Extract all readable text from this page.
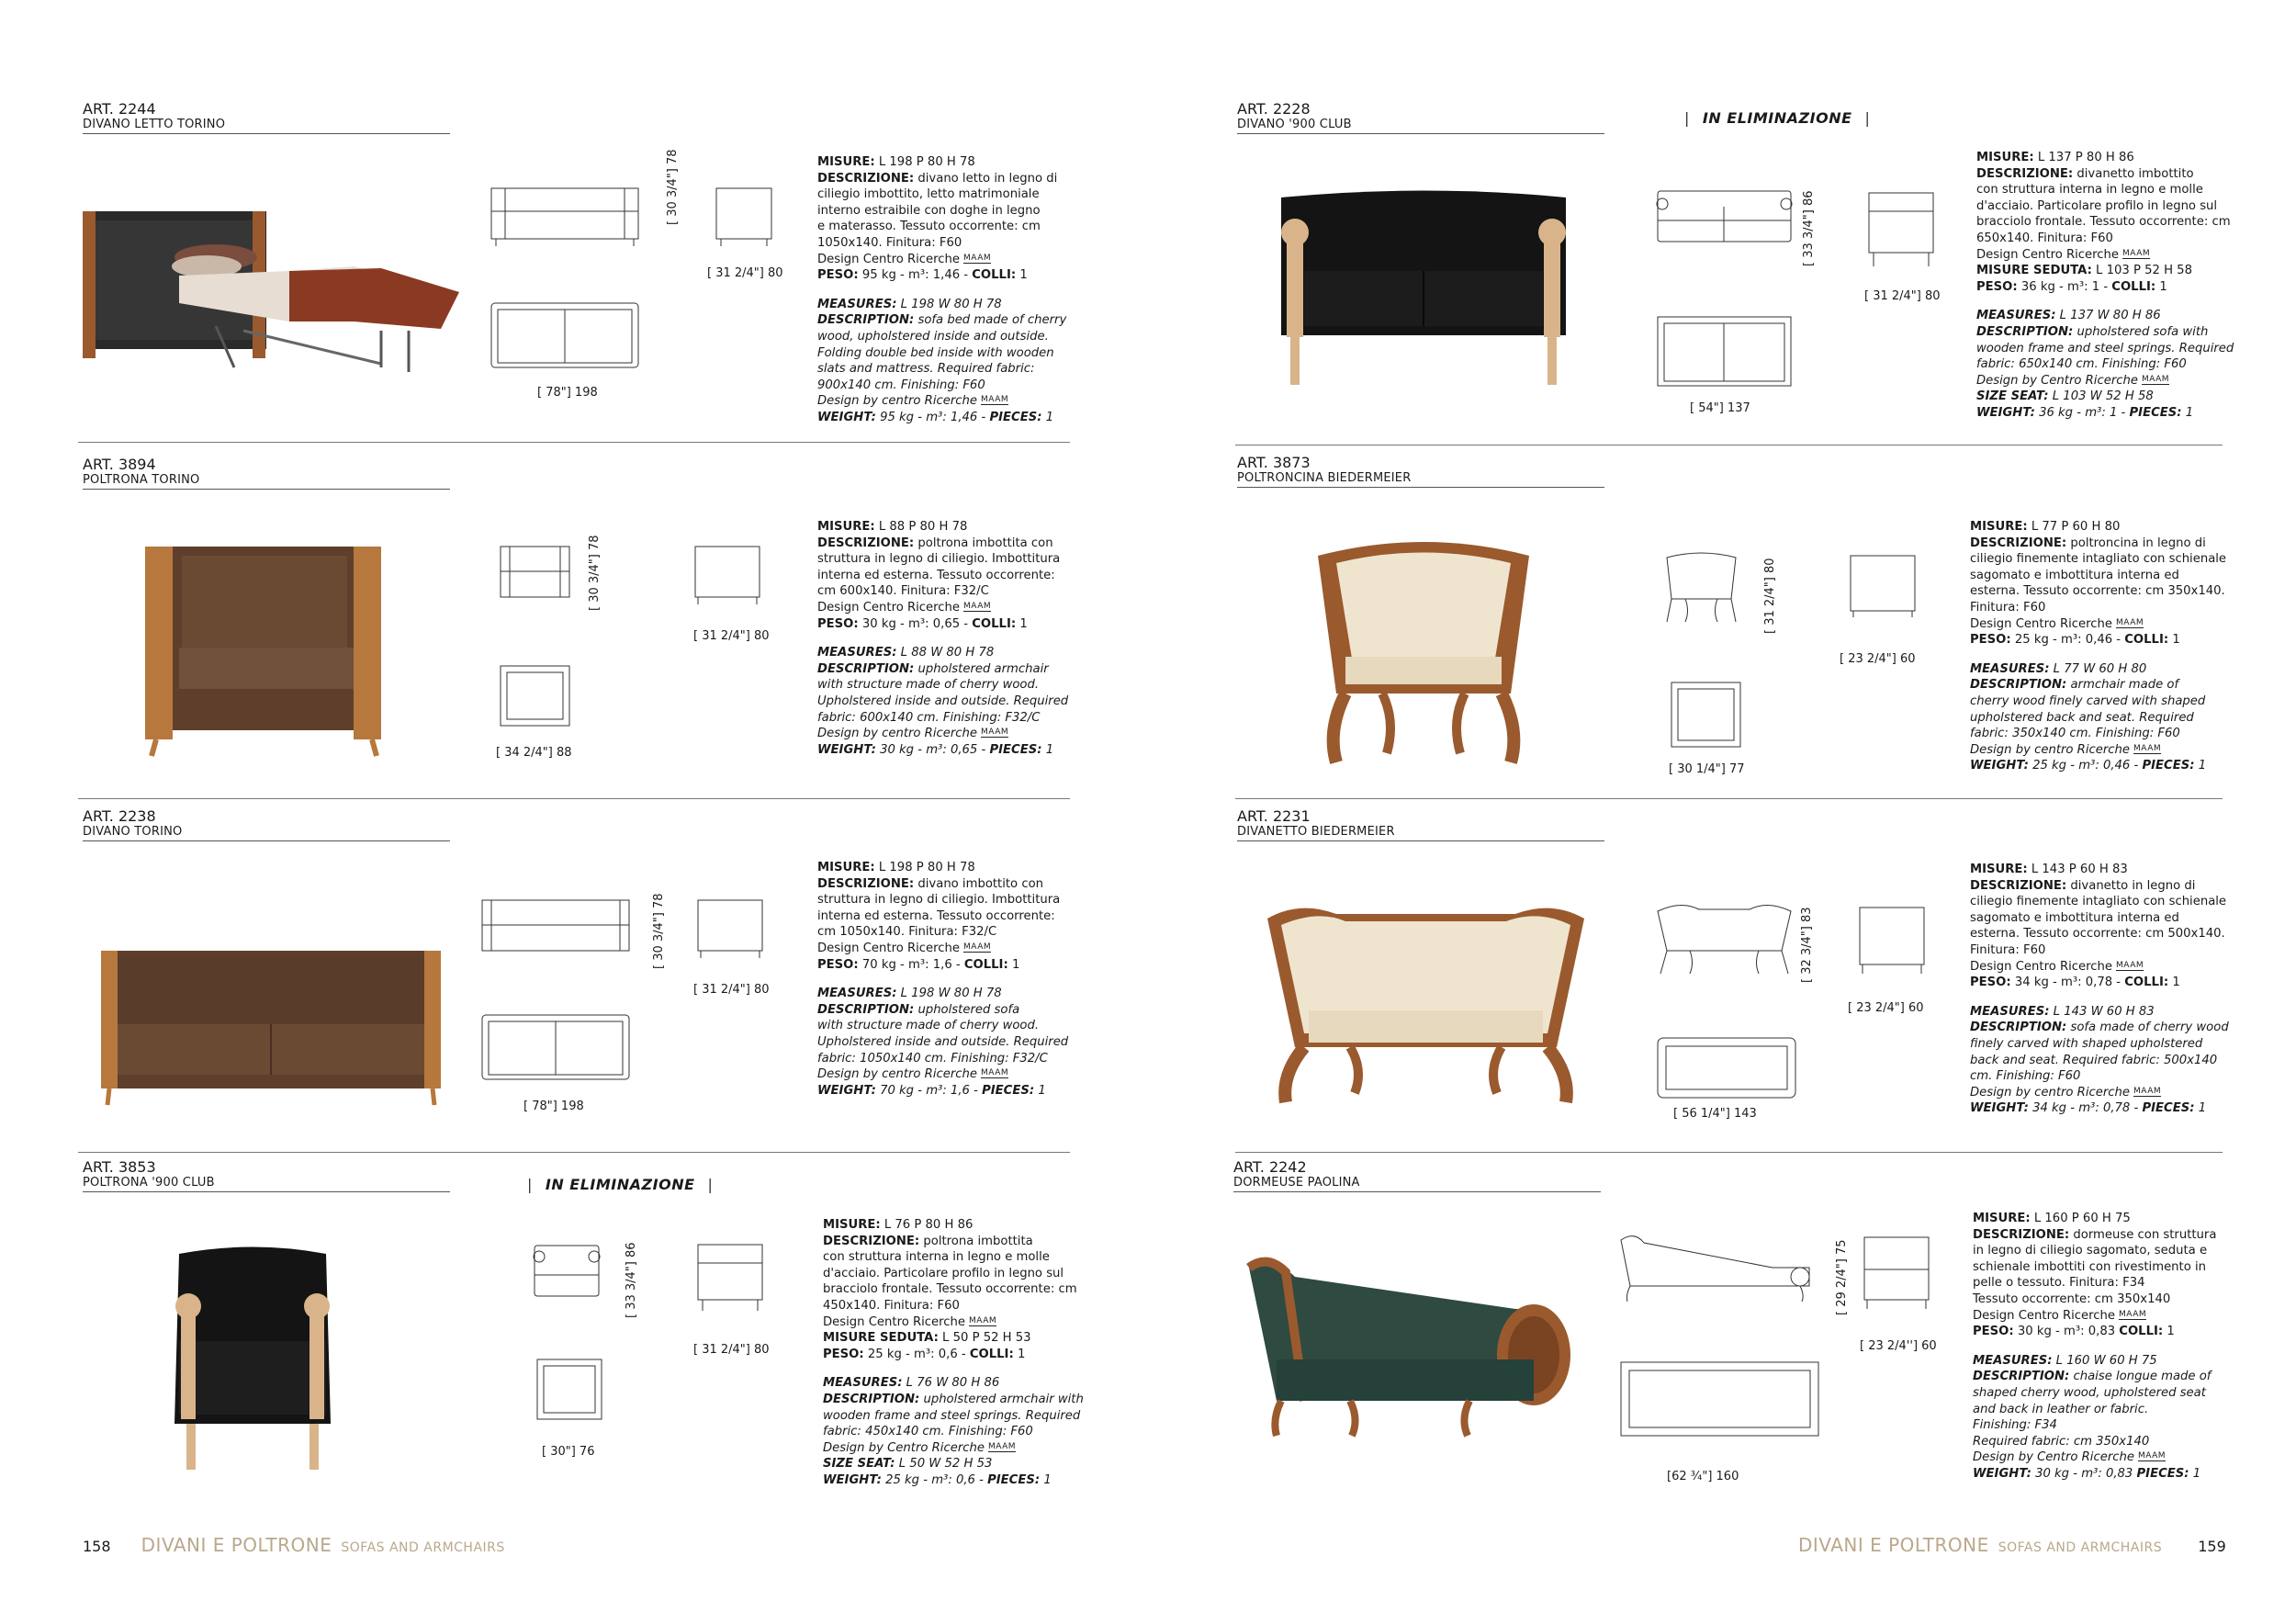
ART. 2244
DIVANO LETTO TORINO
[ 30 3/4"] 78
[ 31 2/4"] 80
[ 78"] 198
ART. 3894
POLTRONA TORINO
[ 30 3/4"] 78
[ 31 2/4"] 80
[ 34 2/4"] 88
ART. 2238
DIVANO TORINO
[ 30 3/4"] 78
[ 31 2/4"] 80
[ 78"] 198
ART. 3853
POLTRONA '900 CLUB	| IN ELIMINAZIONE |
[ 33 3/4"] 86
[ 31 2/4"] 80
[ 30"] 76
158 DIVANI E POLTRONE SOFAS AND ARMCHAIRS
MISURE: L 198 P 80 H 78
DESCRIZIONE: divano letto in legno di
ciliegio imbottito, letto matrimoniale
interno estraibile con doghe in legno
e materasso. Tessuto occorrente: cm
1050x140. Finitura: F60
Design Centro Ricerche MAAM
PESO: 95 kg - m³: 1,46 - COLLI: 1
MEASURES: L 198 W 80 H 78
DESCRIPTION: sofa bed made of cherry
wood, upholstered inside and outside.
Folding double bed inside with wooden
slats and mattress. Required fabric:
900x140 cm. Finishing: F60
Design by centro Ricerche MAAM
WEIGHT: 95 kg - m³: 1,46 - PIECES: 1
MISURE: L 88 P 80 H 78
DESCRIZIONE: poltrona imbottita con
struttura in legno di ciliegio. Imbottitura
interna ed esterna. Tessuto occorrente:
cm 600x140. Finitura: F32/C
Design Centro Ricerche MAAM
PESO: 30 kg - m³: 0,65 - COLLI: 1
MEASURES: L 88 W 80 H 78
DESCRIPTION: upholstered armchair
with structure made of cherry wood.
Upholstered inside and outside. Required
fabric: 600x140 cm. Finishing: F32/C
Design by centro Ricerche MAAM
WEIGHT: 30 kg - m³: 0,65 - PIECES: 1
MISURE: L 198 P 80 H 78
DESCRIZIONE: divano imbottito con
struttura in legno di ciliegio. Imbottitura
interna ed esterna. Tessuto occorrente:
cm 1050x140. Finitura: F32/C
Design Centro Ricerche MAAM
PESO: 70 kg - m³: 1,6 - COLLI: 1
MEASURES: L 198 W 80 H 78
DESCRIPTION: upholstered sofa
with structure made of cherry wood.
Upholstered inside and outside. Required
fabric: 1050x140 cm. Finishing: F32/C
Design by centro Ricerche MAAM
WEIGHT: 70 kg - m³: 1,6 - PIECES: 1
MISURE: L 76 P 80 H 86
DESCRIZIONE: poltrona imbottita
con struttura interna in legno e molle
d'acciaio. Particolare profilo in legno sul
bracciolo frontale. Tessuto occorrente: cm
450x140. Finitura: F60
Design Centro Ricerche MAAM
MISURE SEDUTA: L 50 P 52 H 53
PESO: 25 kg - m³: 0,6 - COLLI: 1
MEASURES: L 76 W 80 H 86
DESCRIPTION: upholstered armchair with
wooden frame and steel springs. Required
fabric: 450x140 cm. Finishing: F60
Design by Centro Ricerche MAAM
SIZE SEAT: L 50 W 52 H 53
WEIGHT: 25 kg - m³: 0,6 - PIECES: 1
ART. 2228
DIVANO '900 CLUB	| IN ELIMINAZIONE |
[ 33 3/4"] 86
[ 31 2/4"] 80
[ 54"] 137
ART. 3873
POLTRONCINA BIEDERMEIER
[ 31 2/4"] 80
[ 23 2/4"] 60
[ 30 1/4"] 77
ART. 2231
DIVANETTO BIEDERMEIER
[ 32 3/4"] 83
[ 23 2/4"] 60
[ 56 1/4"] 143
ART. 2242
DORMEUSE PAOLINA
[ 29 2/4"] 75
[ 23 2/4''] 60
[62 ¾"] 160
DIVANI E POLTRONE SOFAS AND ARMCHAIRS 159
MISURE: L 137 P 80 H 86
DESCRIZIONE: divanetto imbottito
con struttura interna in legno e molle
d'acciaio. Particolare profilo in legno sul
bracciolo frontale. Tessuto occorrente: cm
650x140. Finitura: F60
Design Centro Ricerche MAAM
MISURE SEDUTA: L 103 P 52 H 58
PESO: 36 kg - m³: 1 - COLLI: 1
MEASURES: L 137 W 80 H 86
DESCRIPTION: upholstered sofa with
wooden frame and steel springs. Required
fabric: 650x140 cm. Finishing: F60
Design by Centro Ricerche MAAM
SIZE SEAT: L 103 W 52 H 58
WEIGHT: 36 kg - m³: 1 - PIECES: 1
MISURE: L 77 P 60 H 80
DESCRIZIONE: poltroncina in legno di
ciliegio finemente intagliato con schienale
sagomato e imbottitura interna ed
esterna. Tessuto occorrente: cm 350x140.
Finitura: F60
Design Centro Ricerche MAAM
PESO: 25 kg - m³: 0,46 - COLLI: 1
MEASURES: L 77 W 60 H 80
DESCRIPTION: armchair made of
cherry wood finely carved with shaped
upholstered back and seat. Required
fabric: 350x140 cm. Finishing: F60
Design by centro Ricerche MAAM
WEIGHT: 25 kg - m³: 0,46 - PIECES: 1
MISURE: L 143 P 60 H 83
DESCRIZIONE: divanetto in legno di
ciliegio finemente intagliato con schienale
sagomato e imbottitura interna ed
esterna. Tessuto occorrente: cm 500x140.
Finitura: F60
Design Centro Ricerche MAAM
PESO: 34 kg - m³: 0,78 - COLLI: 1
MEASURES: L 143 W 60 H 83
DESCRIPTION: sofa made of cherry wood
finely carved with shaped upholstered
back and seat. Required fabric: 500x140
cm. Finishing: F60
Design by centro Ricerche MAAM
WEIGHT: 34 kg - m³: 0,78 - PIECES: 1
MISURE: L 160 P 60 H 75
DESCRIZIONE: dormeuse con struttura
in legno di ciliegio sagomato, seduta e
schienale imbottiti con rivestimento in
pelle o tessuto. Finitura: F34
Tessuto occorrente: cm 350x140
Design Centro Ricerche MAAM
PESO: 30 kg - m³: 0,83 COLLI: 1
MEASURES: L 160 W 60 H 75
DESCRIPTION: chaise longue made of
shaped cherry wood, upholstered seat
and back in leather or fabric.
Finishing: F34
Required fabric: cm 350x140
Design by Centro Ricerche MAAM
WEIGHT: 30 kg - m³: 0,83 PIECES: 1
